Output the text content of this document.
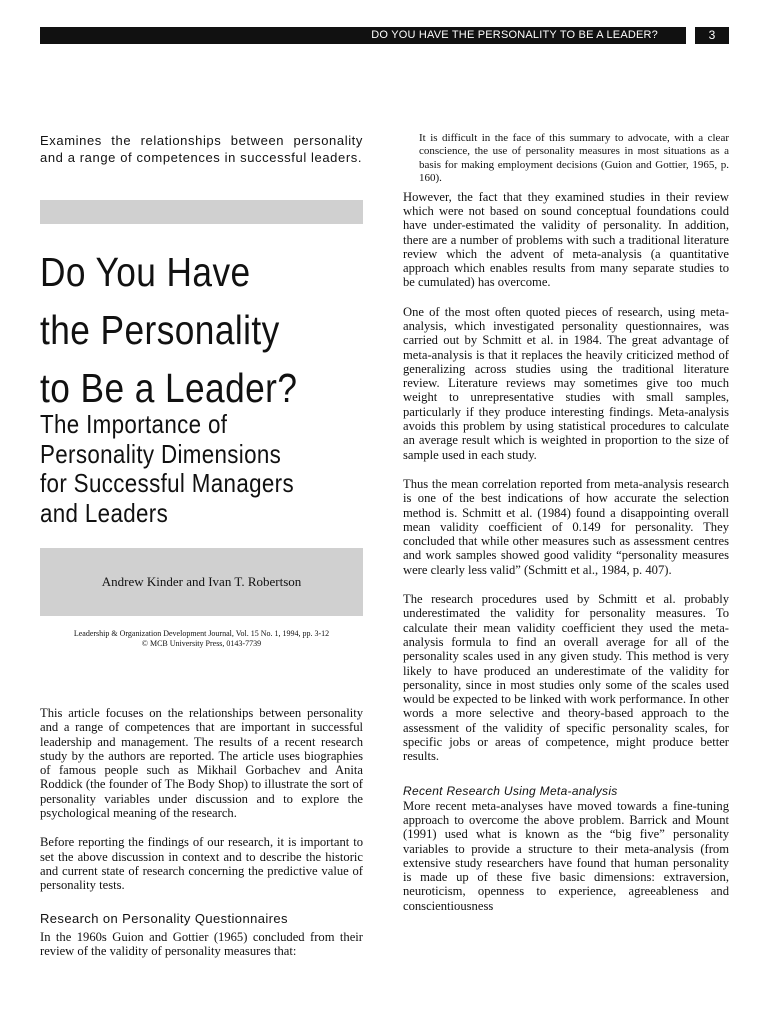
DO YOU HAVE THE PERSONALITY TO BE A LEADER?	3

Examines the relationships between personality and a range of competences in successful leaders.

Do You Have
the Personality
to Be a Leader?
The Importance of
Personality Dimensions
for Successful Managers
and Leaders
Andrew Kinder and Ivan T. Robertson
Leadership & Organization Development Journal, Vol. 15 No. 1, 1994, pp. 3-12
© MCB University Press, 0143-7739

This article focuses on the relationships between personality and a range of competences that are important in successful leadership and management. The results of a recent research study by the authors are reported. The article uses biographies of famous people such as Mikhail Gorbachev and Anita Roddick (the founder of The Body Shop) to illustrate the sort of personality variables under discussion and to explore the psychological meaning of the research.

Before reporting the findings of our research, it is important to set the above discussion in context and to describe the historic and current state of research concerning the predictive value of personality tests.

Research on Personality Questionnaires

In the 1960s Guion and Gottier (1965) concluded from their review of the validity of personality measures that:

It is difficult in the face of this summary to advocate, with a clear conscience, the use of personality measures in most situations as a basis for making employment decisions (Guion and Gottier, 1965, p. 160).

However, the fact that they examined studies in their review which were not based on sound conceptual foundations could have under-estimated the validity of personality. In addition, there are a number of problems with such a traditional literature review which the advent of meta-analysis (a quantitative approach which enables results from many separate studies to be cumulated) has overcome.

One of the most often quoted pieces of research, using meta-analysis, which investigated personality questionnaires, was carried out by Schmitt et al. in 1984. The great advantage of meta-analysis is that it replaces the heavily criticized method of generalizing across studies using the traditional literature review. Literature reviews may sometimes give too much weight to unrepresentative studies with small samples, particularly if they produce interesting findings. Meta-analysis avoids this problem by using statistical procedures to calculate an average result which is weighted in proportion to the size of sample used in each study.

Thus the mean correlation reported from meta-analysis research is one of the best indications of how accurate the selection method is. Schmitt et al. (1984) found a disappointing overall mean validity coefficient of 0.149 for personality. They concluded that while other measures such as assessment centres and work samples showed good validity “personality measures were clearly less valid” (Schmitt et al., 1984, p. 407).

The research procedures used by Schmitt et al. probably underestimated the validity for personality measures. To calculate their mean validity coefficient they used the meta-analysis formula to find an overall average for all of the personality scales used in any given study. This method is very likely to have produced an underestimate of the validity for personality, since in most studies only some of the scales used would be expected to be linked with work performance. In other words a more selective and theory-based approach to the assessment of the validity of specific personality scales, for specific jobs or areas of competence, might produce better results.

Recent Research Using Meta-analysis

More recent meta-analyses have moved towards a fine-tuning approach to overcome the above problem. Barrick and Mount (1991) used what is known as the “big five” personality variables to provide a structure to their meta-analysis (from extensive study researchers have found that human personality is made up of these five basic dimensions: extraversion, neuroticism, openness to experience, agreeableness and conscientiousness
